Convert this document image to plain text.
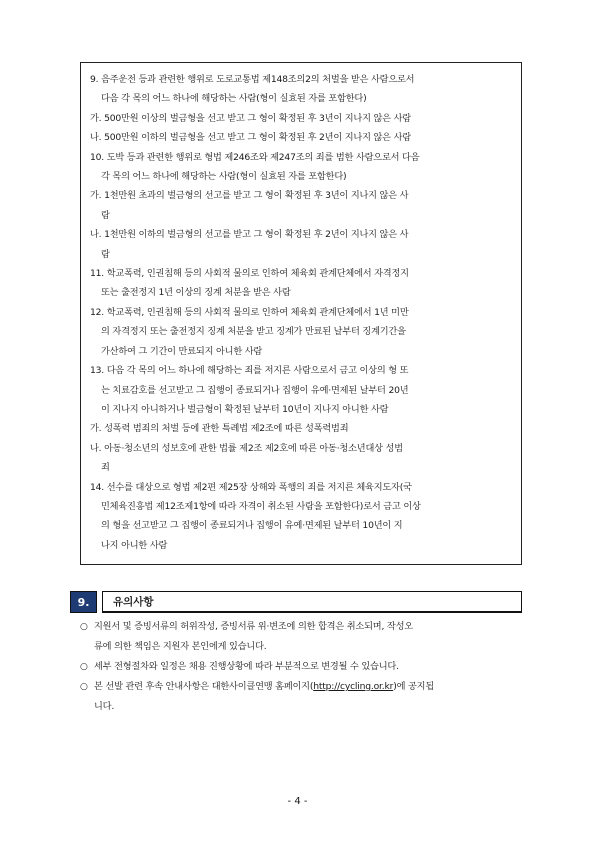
9. 음주운전 등과 관련한 행위로 도로교통법 제148조의2의 처벌을 받은 사람으로서
다음 각 목의 어느 하나에 해당하는 사람(형이 실효된 자를 포함한다)
가. 500만원 이상의 벌금형을 선고 받고 그 형이 확정된 후 3년이 지나지 않은 사람
나. 500만원 이하의 벌금형을 선고 받고 그 형이 확정된 후 2년이 지나지 않은 사람
10. 도박 등과 관련한 행위로 형법 제246조와 제247조의 죄를 범한 사람으로서 다음
각 목의 어느 하나에 해당하는 사람(형이 실효된 자를 포함한다)
가. 1천만원 초과의 벌금형의 선고를 받고 그 형이 확정된 후 3년이 지나지 않은 사
람
나. 1천만원 이하의 벌금형의 선고를 받고 그 형이 확정된 후 2년이 지나지 않은 사
람
11. 학교폭력, 인권침해 등의 사회적 물의로 인하여 체육회 관계단체에서 자격정지
또는 출전정지 1년 이상의 징계 처분을 받은 사람
12. 학교폭력, 인권침해 등의 사회적 물의로 인하여 체육회 관계단체에서 1년 미만
의 자격정지 또는 출전정지 징계 처분을 받고 징계가 만료된 날부터 징계기간을
가산하여 그 기간이 만료되지 아니한 사람
13. 다음 각 목의 어느 하나에 해당하는 죄를 저지른 사람으로서 금고 이상의 형 또
는 치료감호를 선고받고 그 집행이 종료되거나 집행이 유예·면제된 날부터 20년
이 지나지 아니하거나 벌금형이 확정된 날부터 10년이 지나지 아니한 사람
가. 성폭력 범죄의 처벌 등에 관한 특례법 제2조에 따른 성폭력범죄
나. 아동·청소년의 성보호에 관한 법률 제2조 제2호에 따른 아동·청소년대상 성범
죄
14. 선수를 대상으로 형법 제2편 제25장 상해와 폭행의 죄를 저지른 체육지도자(국
민체육진흥법 제12조제1항에 따라 자격이 취소된 사람을 포함한다)로서 금고 이상
의 형을 선고받고 그 집행이 종료되거나 집행이 유예·면제된 날부터 10년이 지
나지 아니한 사람
9.	유의사항
○ 지원서 및 증빙서류의 허위작성, 증빙서류 위·변조에 의한 합격은 취소되며, 작성오
류에 의한 책임은 지원자 본인에게 있습니다.
○ 세부 전형절차와 일정은 채용 진행상황에 따라 부분적으로 변경될 수 있습니다.
○ 본 선발 관련 후속 안내사항은 대한사이클연맹 홈페이지(http://cycling.or.kr)에 공지됩
니다.
- 4 -
